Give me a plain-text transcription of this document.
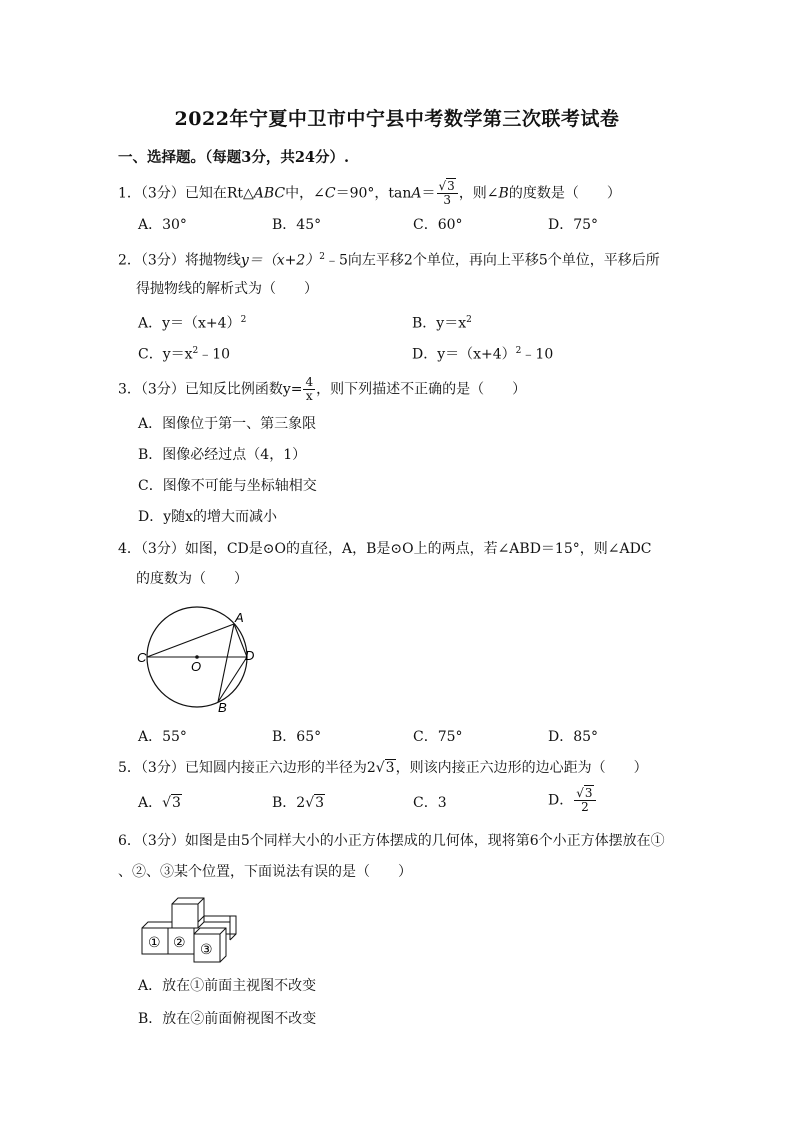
2022年宁夏中卫市中宁县中考数学第三次联考试卷
一、选择题。（每题3分，共24分）.
1．（3分）已知在Rt△ABC中，∠C＝90°，$\tan A= \frac{√3}{3}$ ，则∠B的度数是（　　）
A．30°	B．45°	C．60°	D．75°
2．（3分）将抛物线$y=(x+2)^2﹣5$向左平移2个单位，再向上平移5个单位，平移后所
得抛物线的解析式为（　　）
A．$y=(x+4)^2$	B．$y=x^2$
C．$y=x^2﹣10$	D．$y=(x+4)^2﹣10$
3．（3分）已知反比例函数$y= \frac{4}{x}$ ，则下列描述不正确的是（　　）
A．图像位于第一、第三象限
B．图像必经过点（4，1）
C．图像不可能与坐标轴相交
D．y随x的增大而减小
4．（3分）如图，CD是⊙O的直径，A，B是⊙O上的两点，若∠ABD＝15°，则∠ADC
的度数为（　　）
A
C
O
D
B
A．55°	B．65°	C．75°	D．85°
5．（3分）已知圆内接正六边形的半径为2√3，则该内接正六边形的边心距为（　　）
A．√3	B．2√3	C．3	D． $\frac{√3}{2}$
6．（3分）如图是由5个同样大小的小正方体摆成的几何体，现将第6个小正方体摆放在①
、②、③某个位置，下面说法有误的是（　　）
① ② ③
A．放在①前面主视图不改变
B．放在②前面俯视图不改变
